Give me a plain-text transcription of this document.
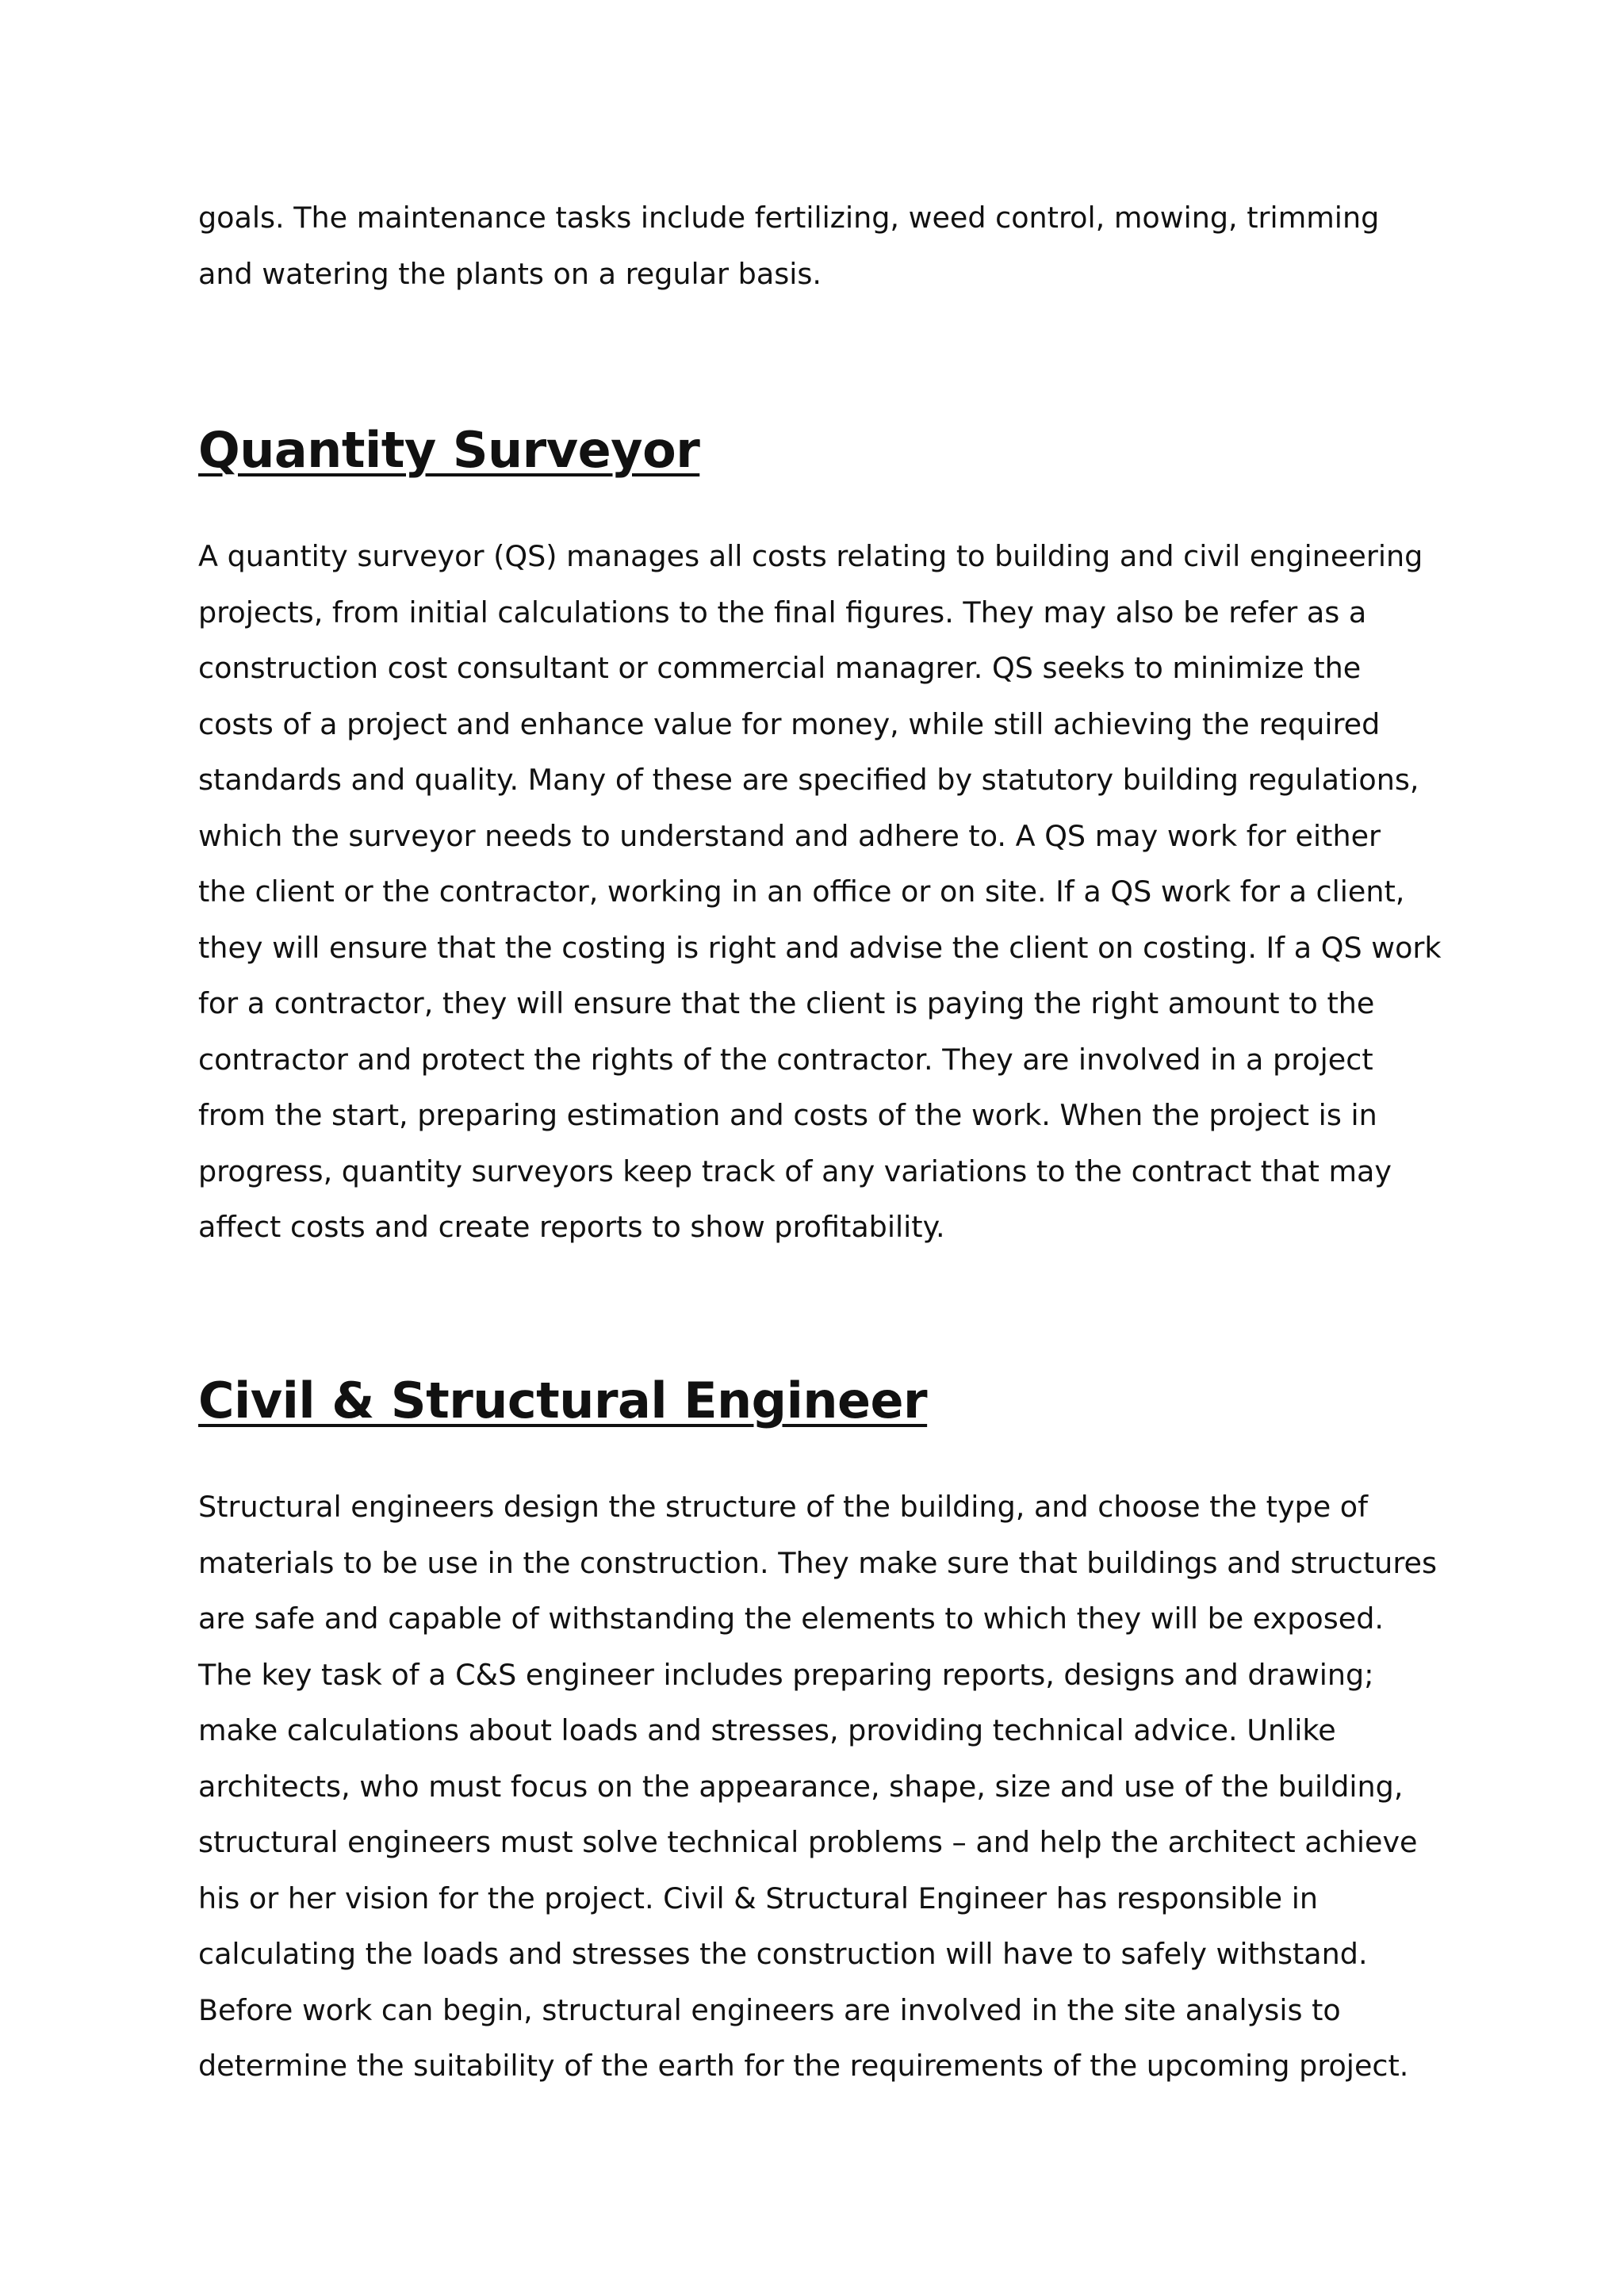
goals. The maintenance tasks include fertilizing, weed control, mowing, trimming
and watering the plants on a regular basis.

Quantity Surveyor

A quantity surveyor (QS) manages all costs relating to building and civil engineering
projects, from initial calculations to the final figures. They may also be refer as a
construction cost consultant or commercial managrer. QS seeks to minimize the
costs of a project and enhance value for money, while still achieving the required
standards and quality. Many of these are specified by statutory building regulations,
which the surveyor needs to understand and adhere to. A QS may work for either
the client or the contractor, working in an office or on site. If a QS work for a client,
they will ensure that the costing is right and advise the client on costing. If a QS work
for a contractor, they will ensure that the client is paying the right amount to the
contractor and protect the rights of the contractor. They are involved in a project
from the start, preparing estimation and costs of the work. When the project is in
progress, quantity surveyors keep track of any variations to the contract that may
affect costs and create reports to show profitability.

Civil & Structural Engineer

Structural engineers design the structure of the building, and choose the type of
materials to be use in the construction. They make sure that buildings and structures
are safe and capable of withstanding the elements to which they will be exposed.
The key task of a C&S engineer includes preparing reports, designs and drawing;
make calculations about loads and stresses, providing technical advice. Unlike
architects, who must focus on the appearance, shape, size and use of the building,
structural engineers must solve technical problems – and help the architect achieve
his or her vision for the project. Civil & Structural Engineer has responsible in
calculating the loads and stresses the construction will have to safely withstand.
Before work can begin, structural engineers are involved in the site analysis to
determine the suitability of the earth for the requirements of the upcoming project.
